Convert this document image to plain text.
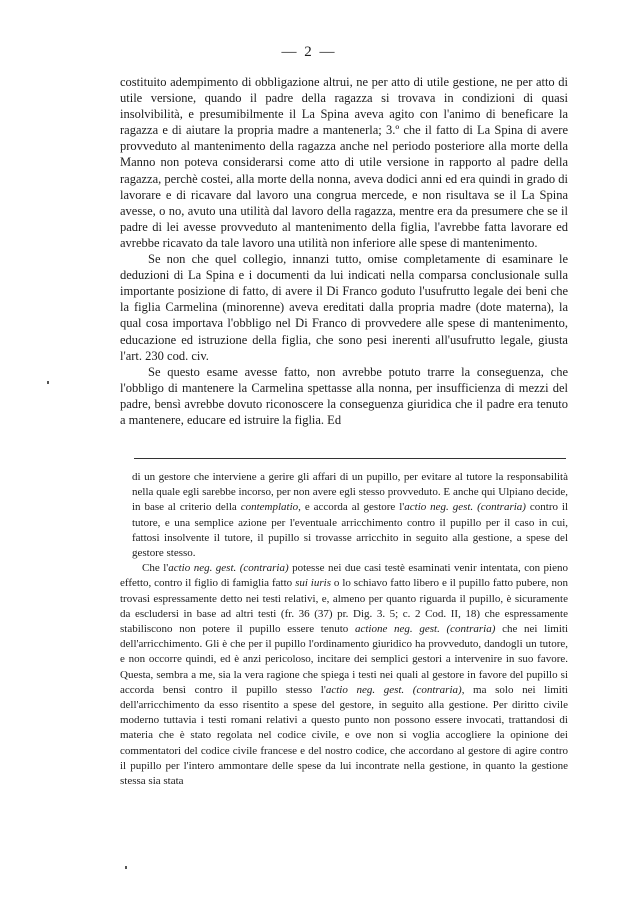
— 2 —

costituito adempimento di obbligazione altrui, ne per atto di utile gestione, ne per atto di utile versione, quando il padre della ragazza si trovava in condizioni di quasi insolvibilità, e presumibilmente il La Spina aveva agito con l'animo di beneficare la ragazza e di aiutare la propria madre a mantenerla; 3.º che il fatto di La Spina di avere provveduto al mantenimento della ragazza anche nel periodo posteriore alla morte della Manno non poteva considerarsi come atto di utile versione in rapporto al padre della ragazza, perchè costei, alla morte della nonna, aveva dodici anni ed era quindi in grado di lavorare e di ricavare dal lavoro una congrua mercede, e non risultava se il La Spina avesse, o no, avuto una utilità dal lavoro della ragazza, mentre era da presumere che se il padre di lei avesse provveduto al mantenimento della figlia, l'avrebbe fatta lavorare ed avrebbe ricavato da tale lavoro una utilità non inferiore alle spese di mantenimento.

Se non che quel collegio, innanzi tutto, omise completamente di esaminare le deduzioni di La Spina e i documenti da lui indicati nella comparsa conclusionale sulla importante posizione di fatto, di avere il Di Franco goduto l'usufrutto legale dei beni che la figlia Carmelina (minorenne) aveva ereditati dalla propria madre (dote materna), la qual cosa importava l'obbligo nel Di Franco di provvedere alle spese di mantenimento, educazione ed istruzione della figlia, che sono pesi inerenti all'usufrutto legale, giusta l'art. 230 cod. civ.

Se questo esame avesse fatto, non avrebbe potuto trarre la conseguenza, che l'obbligo di mantenere la Carmelina spettasse alla nonna, per insufficienza di mezzi del padre, bensì avrebbe dovuto riconoscere la conseguenza giuridica che il padre era tenuto a mantenere, educare ed istruire la figlia. Ed

di un gestore che interviene a gerire gli affari di un pupillo, per evitare al tutore la responsabilità nella quale egli sarebbe incorso, per non avere egli stesso provveduto. E anche qui Ulpiano decide, in base al criterio della contemplatio, e accorda al gestore l'actio neg. gest. (contraria) contro il tutore, e una semplice azione per l'eventuale arricchimento contro il pupillo per il caso in cui, fattosi insolvente il tutore, il pupillo si trovasse arricchito in seguito alla gestione, a spese del gestore stesso.

Che l'actio neg. gest. (contraria) potesse nei due casi testè esaminati venir intentata, con pieno effetto, contro il figlio di famiglia fatto sui iuris o lo schiavo fatto libero e il pupillo fatto pubere, non trovasi espressamente detto nei testi relativi, e, almeno per quanto riguarda il pupillo, è sicuramente da escludersi in base ad altri testi (fr. 36 (37) pr. Dig. 3. 5; c. 2 Cod. II, 18) che espressamente stabiliscono non potere il pupillo essere tenuto actione neg. gest. (contraria) che nei limiti dell'arricchimento. Gli è che per il pupillo l'ordinamento giuridico ha provveduto, dandogli un tutore, e non occorre quindi, ed è anzi pericoloso, incitare dei semplici gestori a intervenire in suo favore. Questa, sembra a me, sia la vera ragione che spiega i testi nei quali al gestore in favore del pupillo si accorda bensì contro il pupillo stesso l'actio neg. gest. (contraria), ma solo nei limiti dell'arricchimento da esso risentito a spese del gestore, in seguito alla gestione. Per diritto civile moderno tuttavia i testi romani relativi a questo punto non possono essere invocati, trattandosi di materia che è stato regolata nel codice civile, e ove non si voglia accogliere la opinione dei commentatori del codice civile francese e del nostro codice, che accordano al gestore di agire contro il pupillo per l'intero ammontare delle spese da lui incontrate nella gestione, in quanto la gestione stessa sia stata
